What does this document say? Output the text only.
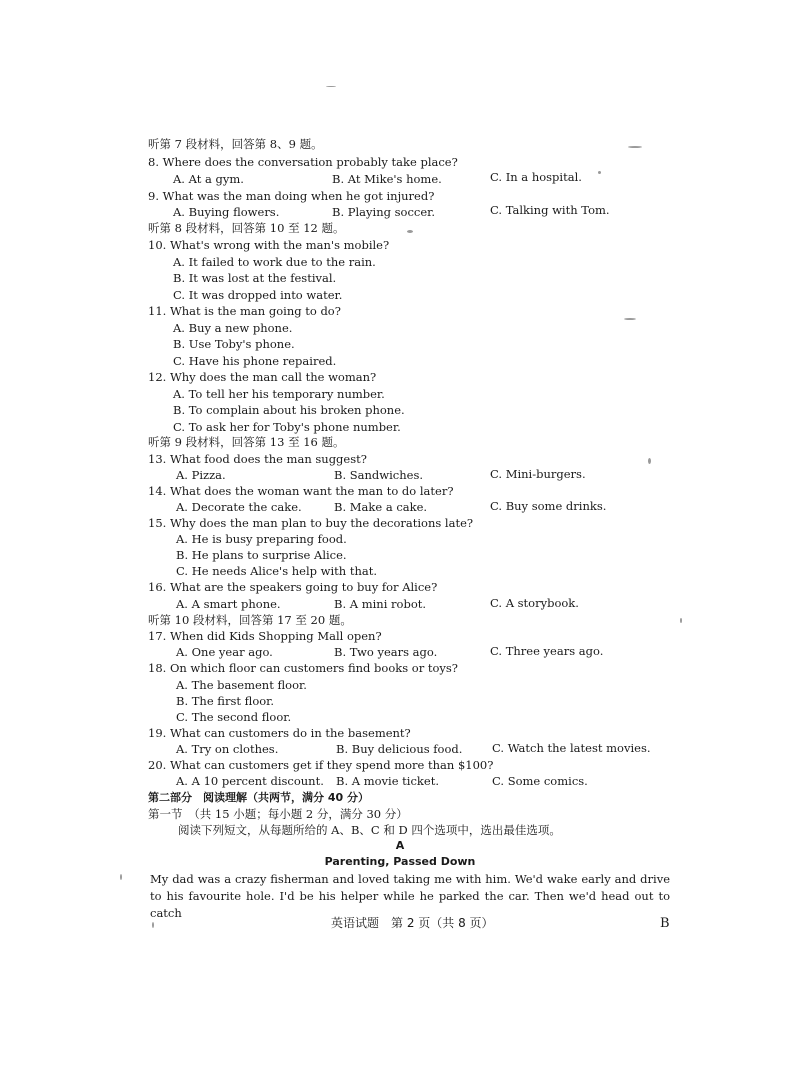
听第 7 段材料，回答第 8、9 题。
8. Where does the conversation probably take place?
A. At a gym.	B. At Mike's home.	C. In a hospital.
9. What was the man doing when he got injured?
A. Buying flowers.	B. Playing soccer.	C. Talking with Tom.
听第 8 段材料，回答第 10 至 12 题。
10. What's wrong with the man's mobile?
A. It failed to work due to the rain.
B. It was lost at the festival.
C. It was dropped into water.
11. What is the man going to do?
A. Buy a new phone.
B. Use Toby's phone.
C. Have his phone repaired.
12. Why does the man call the woman?
A. To tell her his temporary number.
B. To complain about his broken phone.
C. To ask her for Toby's phone number.
听第 9 段材料，回答第 13 至 16 题。
13. What food does the man suggest?
A. Pizza.	B. Sandwiches.	C. Mini-burgers.
14. What does the woman want the man to do later?
A. Decorate the cake.	B. Make a cake.	C. Buy some drinks.
15. Why does the man plan to buy the decorations late?
A. He is busy preparing food.
B. He plans to surprise Alice.
C. He needs Alice's help with that.
16. What are the speakers going to buy for Alice?
A. A smart phone.	B. A mini robot.	C. A storybook.
听第 10 段材料，回答第 17 至 20 题。
17. When did Kids Shopping Mall open?
A. One year ago.	B. Two years ago.	C. Three years ago.
18. On which floor can customers find books or toys?
A. The basement floor.
B. The first floor.
C. The second floor.
19. What can customers do in the basement?
A. Try on clothes.	B. Buy delicious food.	C. Watch the latest movies.
20. What can customers get if they spend more than $100?
A. A 10 percent discount. B. A movie ticket.	C. Some comics.
第二部分　阅读理解（共两节，满分 40 分）
第一节　（共 15 小题；每小题 2 分，满分 30 分）
阅读下列短文，从每题所给的 A、B、C 和 D 四个选项中，选出最佳选项。
A
Parenting, Passed Down
My dad was a crazy fisherman and loved taking me with him. We'd wake early and drive to his favourite hole. I'd be his helper while he parked the car. Then we'd head out to catch
英语试题　第 2 页（共 8 页）	B
